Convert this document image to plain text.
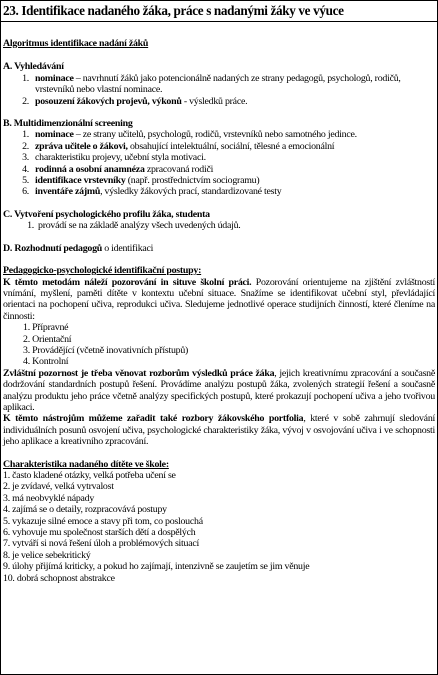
23. Identifikace nadaného žáka, práce s nadanými žáky ve výuce

Algoritmus identifikace nadání žáků

A. Vyhledávání

1. nominace – navrhnutí žáků jako potencionálně nadaných ze strany pedagogů, psychologů, rodičů, vrstevníků nebo vlastní nominace.
2. posouzení žákových projevů, výkonů - výsledků práce.

B. Multidimenzionální screening

1. nominace – ze strany učitelů, psychologů, rodičů, vrstevníků nebo samotného jedince.
2. zpráva učitele o žákovi, obsahující intelektuální, sociální, tělesné a emocionální
3. charakteristiku projevy, učební styla motivaci.
4. rodinná a osobní anamnéza zpracovaná rodiči
5. identifikace vrstevníky (např. prostřednictvím sociogramu)
6. inventáře zájmů, výsledky žákových prací, standardizované testy

C. Vytvoření psychologického profilu žáka, studenta

1. provádí se na základě analýzy všech uvedených údajů.

D. Rozhodnutí pedagogů o identifikaci

Pedagogicko-psychologické identifikační postupy:

K těmto metodám náleží pozorování in situve školní práci. Pozorování orientujeme na zjištění zvláštností vnímání, myšlení, paměti dítěte v kontextu učební situace. Snažíme se identifikovat učební styl, převládající orientaci na pochopení učiva, reprodukci učiva. Sledujeme jednotlivé operace studijních činností, které členíme na činnosti:

1. Přípravné

2. Orientační

3. Provádějící (včetně inovativních přístupů)

4. Kontrolní

Zvláštní pozornost je třeba věnovat rozborům výsledků práce žáka, jejich kreativnímu zpracování a současně dodržování standardních postupů řešení. Provádíme analýzu postupů žáka, zvolených strategií řešení a současně analýzu produktu jeho práce včetně analýzy specifických postupů, které prokazují pochopení učiva a jeho tvořivou aplikaci.

K těmto nástrojům můžeme zařadit také rozbory žákovského portfolia, které v sobě zahrnují sledování individuálních posunů osvojení učiva, psychologické charakteristiky žáka, vývoj v osvojování učiva i ve schopnosti jeho aplikace a kreativního zpracování.

Charakteristika nadaného dítěte ve škole:

1. často kladené otázky, velká potřeba učení se

2. je zvídavé, velká vytrvalost

3. má neobvyklé nápady

4. zajímá se o detaily, rozpracovává postupy

5. vykazuje silné emoce a stavy při tom, co poslouchá

6. vyhovuje mu společnost starších dětí a dospělých

7. vytváří si nová řešení úloh a problémových situací

8. je velice sebekritický

9. úlohy přijímá kriticky, a pokud ho zajímají, intenzivně se zaujetím se jim věnuje

10. dobrá schopnost abstrakce
